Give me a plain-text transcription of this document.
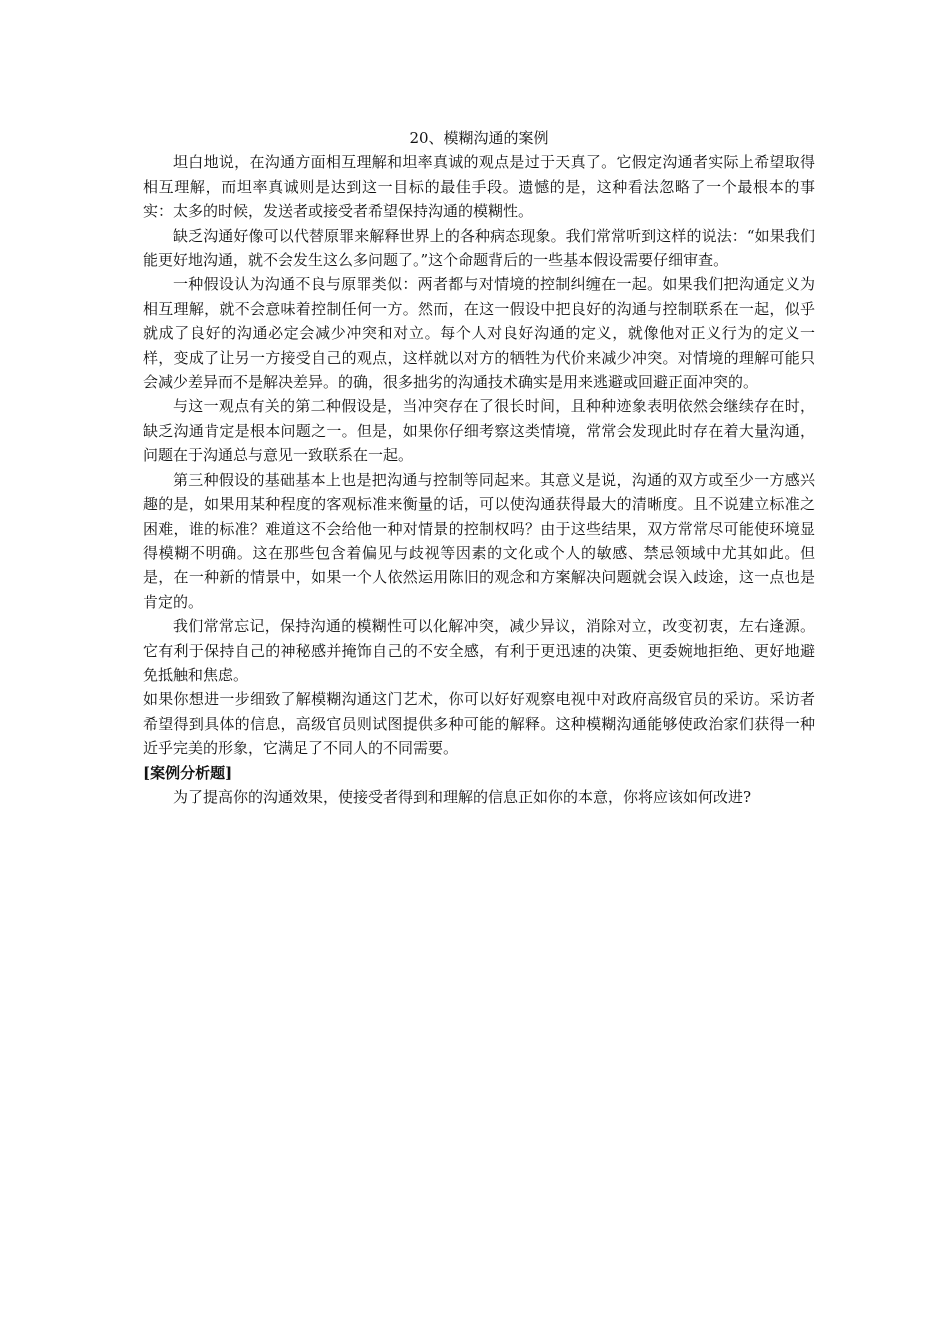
20、模糊沟通的案例

坦白地说，在沟通方面相互理解和坦率真诚的观点是过于天真了。它假定沟通者实际上希望取得相互理解，而坦率真诚则是达到这一目标的最佳手段。遗憾的是，这种看法忽略了一个最根本的事实：太多的时候，发送者或接受者希望保持沟通的模糊性。

缺乏沟通好像可以代替原罪来解释世界上的各种病态现象。我们常常听到这样的说法：“如果我们能更好地沟通，就不会发生这么多问题了。”这个命题背后的一些基本假设需要仔细审查。

一种假设认为沟通不良与原罪类似：两者都与对情境的控制纠缠在一起。如果我们把沟通定义为相互理解，就不会意味着控制任何一方。然而，在这一假设中把良好的沟通与控制联系在一起，似乎就成了良好的沟通必定会减少冲突和对立。每个人对良好沟通的定义，就像他对正义行为的定义一样，变成了让另一方接受自己的观点，这样就以对方的牺牲为代价来减少冲突。对情境的理解可能只会减少差异而不是解决差异。的确，很多拙劣的沟通技术确实是用来逃避或回避正面冲突的。

与这一观点有关的第二种假设是，当冲突存在了很长时间，且种种迹象表明依然会继续存在时，缺乏沟通肯定是根本问题之一。但是，如果你仔细考察这类情境，常常会发现此时存在着大量沟通，问题在于沟通总与意见一致联系在一起。

第三种假设的基础基本上也是把沟通与控制等同起来。其意义是说，沟通的双方或至少一方感兴趣的是，如果用某种程度的客观标准来衡量的话，可以使沟通获得最大的清晰度。且不说建立标准之困难，谁的标准？难道这不会给他一种对情景的控制权吗？由于这些结果，双方常常尽可能使环境显得模糊不明确。这在那些包含着偏见与歧视等因素的文化或个人的敏感、禁忌领域中尤其如此。但是，在一种新的情景中，如果一个人依然运用陈旧的观念和方案解决问题就会误入歧途，这一点也是肯定的。

我们常常忘记，保持沟通的模糊性可以化解冲突，减少异议，消除对立，改变初衷，左右逢源。它有利于保持自己的神秘感并掩饰自己的不安全感，有利于更迅速的决策、更委婉地拒绝、更好地避免抵触和焦虑。

如果你想进一步细致了解模糊沟通这门艺术，你可以好好观察电视中对政府高级官员的采访。采访者希望得到具体的信息，高级官员则试图提供多种可能的解释。这种模糊沟通能够使政治家们获得一种近乎完美的形象，它满足了不同人的不同需要。

[案例分析题]

为了提高你的沟通效果，使接受者得到和理解的信息正如你的本意，你将应该如何改进?
